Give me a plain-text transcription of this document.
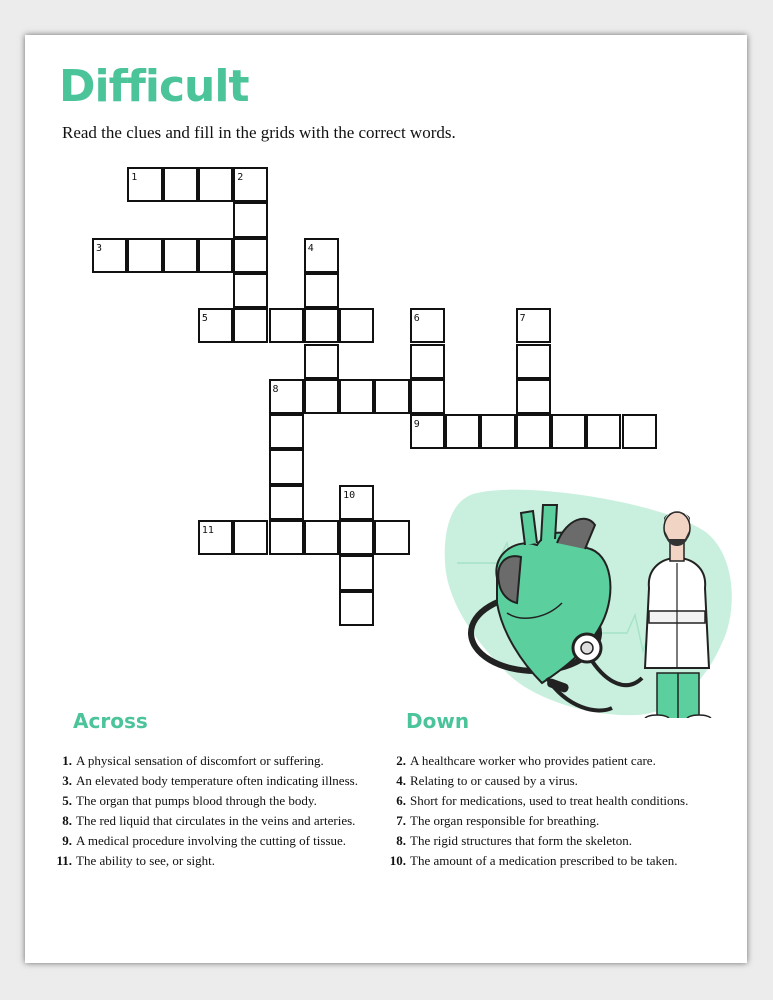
Difficult

Read the clues and fill in the grids with the correct words.

1	2
3	4
5	6
9
7
8
10
11
Across
1. A physical sensation of discomfort or suffering.
3. An elevated body temperature often indicating illness.
5. The organ that pumps blood through the body.
8. The red liquid that circulates in the veins and arteries.
9. A medical procedure involving the cutting of tissue.
11. The ability to see, or sight.
Down
2. A healthcare worker who provides patient care.
4. Relating to or caused by a virus.
6. Short for medications, used to treat health conditions.
7. The organ responsible for breathing.
8. The rigid structures that form the skeleton.
10. The amount of a medication prescribed to be taken.
